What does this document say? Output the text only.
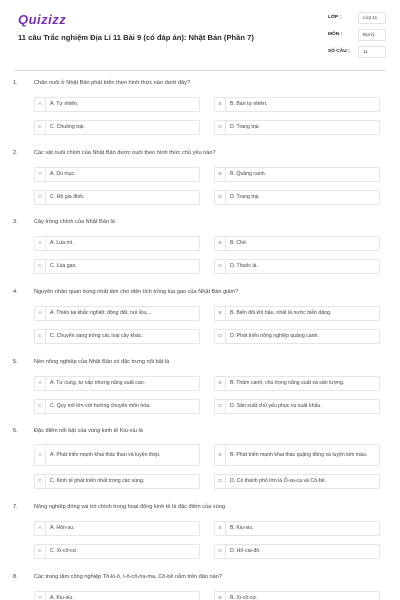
Quizizz
11 câu Trắc nghiệm Địa Lí 11 Bài 9 (có đáp án): Nhật Bản (Phần 7)
LỚP :	Lớp 11
MÔN :	Địa lý
SỐ CÂU :	11
1.	Chăn nuôi ở Nhật Bản phát triển theo hình thức nào dưới đây?
A	A. Tự nhiên.	B	B. Bán tự nhiên.
C	C. Chuồng trại.	D	D. Trang trại.
2.	Các vật nuôi chính của Nhật Bản được nuôi theo hình thức chủ yếu nào?
A	A. Du mục.	B	B. Quảng canh.
C	C. Hộ gia đình.	D	D. Trang trại.
3.	Cây trồng chính của Nhật Bản là
A	A. Lúa mì.	B	B. Chè.
C	C. Lúa gạo.	D	D. Thuốc lá.
4.	Nguyên nhân quan trọng nhất làm cho diện tích trồng lúa gạo của Nhật Bản giảm?
A	A. Thiên tai khắc nghiệt: động đất, núi lửa,...	B	B. Biến đổi khí hậu, nhất là nước biển dâng.
C	C. Chuyển sang trồng các loại cây khác.	D	D. Phát triển nông nghiệp quảng canh.
5.	Nền nông nghiệp của Nhật Bản có đặc trưng nổi bật là
A	A. Tự cung, tự cấp nhưng năng suất cao.	B	B. Thâm canh, chú trọng năng suất và sản lượng.
C	C. Quy mô lớn với hướng chuyên môn hóa.	D	D. Sản xuất chủ yếu phục vụ xuất khẩu.
6.	Đặc điểm nổi bật của vùng kinh tế Kiu-xiu là
A	A. Phát triển mạnh khai thác than và luyện thép.	B	B. Phát triển mạnh khai thác quặng đồng và luyện kim màu.
C	C. Kinh tế phát triển nhất trong các vùng.	D	D. Có thành phố lớn là Ô-xa-ca và Cô-bê.
7.	Nông nghiệp đóng vai trò chính trong hoạt động kinh tế là đặc điểm của vùng
A	A. Hôn-su.	B	B. Kiu-xiu.
C	C. Xi-cô-cư.	D	D. Hô-cai-đô.
8.	Các trung tâm công nghiệp Tô-ki-ô, I-ô-cô-ha-ma, Cô-bê nằm trên đảo nào?
A	A. Kiu-xiu.	B	B. Xi-cô-cư.
